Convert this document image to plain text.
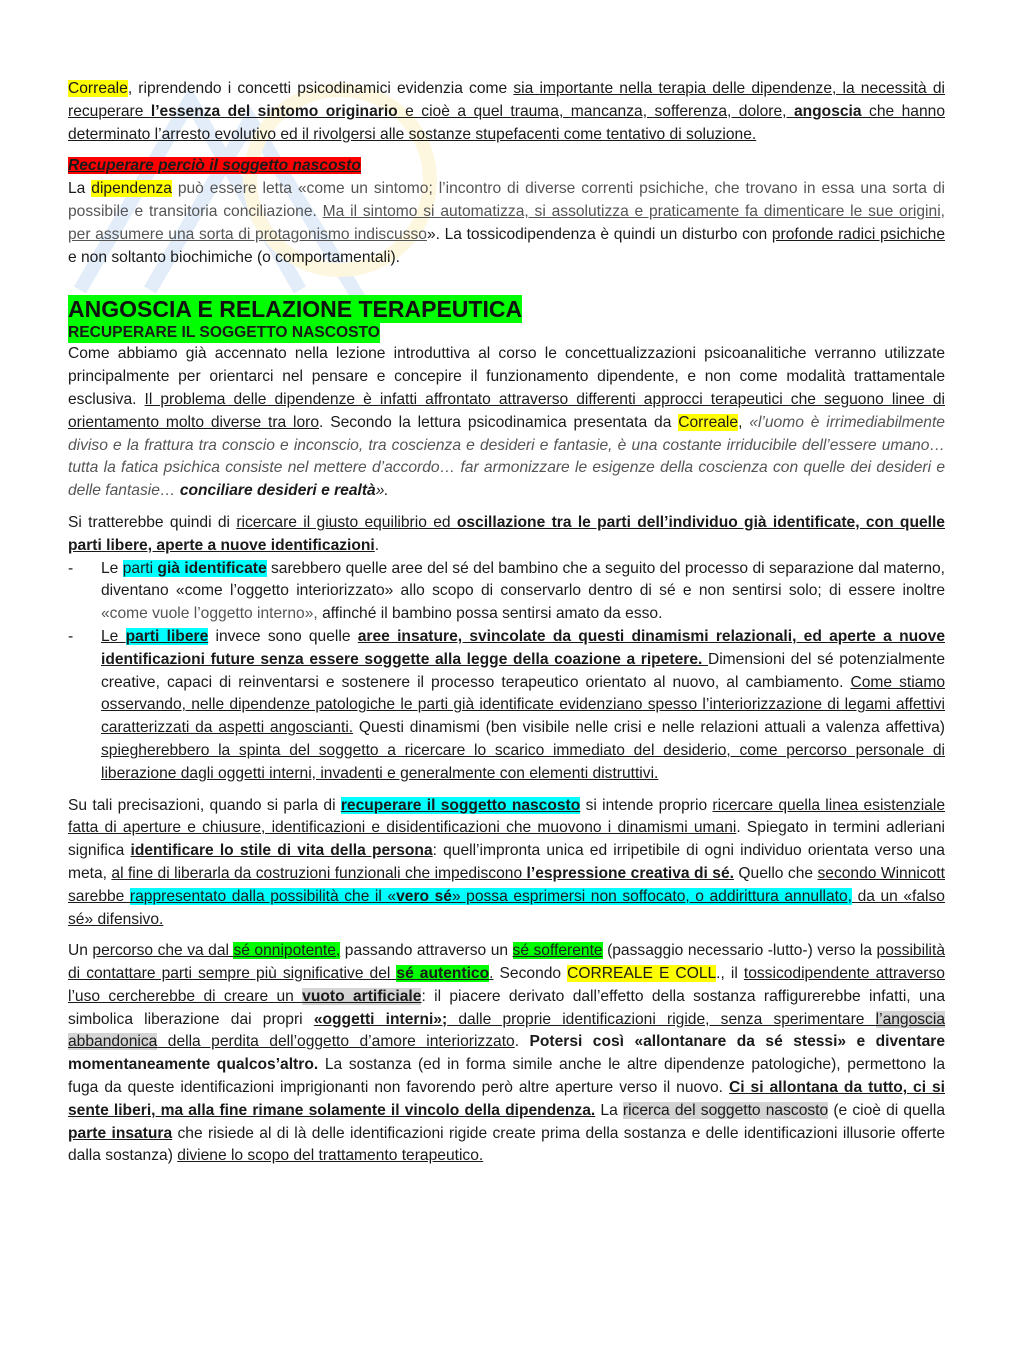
Correale, riprendendo i concetti psicodinamici evidenzia come sia importante nella terapia delle dipendenze, la necessità di recuperare l’essenza del sintomo originario e cioè a quel trauma, mancanza, sofferenza, dolore, angoscia che hanno determinato l’arresto evolutivo ed il rivolgersi alle sostanze stupefacenti come tentativo di soluzione.

Recuperare perciò il soggetto nascosto
La dipendenza può essere letta «come un sintomo; l’incontro di diverse correnti psichiche, che trovano in essa una sorta di possibile e transitoria conciliazione. Ma il sintomo si automatizza, si assolutizza e praticamente fa dimenticare le sue origini, per assumere una sorta di protagonismo indiscusso». La tossicodipendenza è quindi un disturbo con profonde radici psichiche e non soltanto biochimiche (o comportamentali).

ANGOSCIA E RELAZIONE TERAPEUTICA
RECUPERARE IL SOGGETTO NASCOSTO

Come abbiamo già accennato nella lezione introduttiva al corso le concettualizzazioni psicoanalitiche verranno utilizzate principalmente per orientarci nel pensare e concepire il funzionamento dipendente, e non come modalità trattamentale esclusiva. Il problema delle dipendenze è infatti affrontato attraverso differenti approcci terapeutici che seguono linee di orientamento molto diverse tra loro. Secondo la lettura psicodinamica presentata da Correale, «l’uomo è irrimediabilmente diviso e la frattura tra conscio e inconscio, tra coscienza e desideri e fantasie, è una costante irriducibile dell’essere umano… tutta la fatica psichica consiste nel mettere d’accordo… far armonizzare le esigenze della coscienza con quelle dei desideri e delle fantasie… conciliare desideri e realtà».

Si tratterebbe quindi di ricercare il giusto equilibrio ed oscillazione tra le parti dell’individuo già identificate, con quelle parti libere, aperte a nuove identificazioni.

- Le parti già identificate sarebbero quelle aree del sé del bambino che a seguito del processo di separazione dal materno, diventano «come l’oggetto interiorizzato» allo scopo di conservarlo dentro di sé e non sentirsi solo; di essere inoltre «come vuole l’oggetto interno», affinché il bambino possa sentirsi amato da esso.

- Le parti libere invece sono quelle aree insature, svincolate da questi dinamismi relazionali, ed aperte a nuove identificazioni future senza essere soggette alla legge della coazione a ripetere. Dimensioni del sé potenzialmente creative, capaci di reinventarsi e sostenere il processo terapeutico orientato al nuovo, al cambiamento. Come stiamo osservando, nelle dipendenze patologiche le parti già identificate evidenziano spesso l’interiorizzazione di legami affettivi caratterizzati da aspetti angoscianti. Questi dinamismi (ben visibile nelle crisi e nelle relazioni attuali a valenza affettiva) spiegherebbero la spinta del soggetto a ricercare lo scarico immediato del desiderio, come percorso personale di liberazione dagli oggetti interni, invadenti e generalmente con elementi distruttivi.

Su tali precisazioni, quando si parla di recuperare il soggetto nascosto si intende proprio ricercare quella linea esistenziale fatta di aperture e chiusure, identificazioni e disidentificazioni che muovono i dinamismi umani. Spiegato in termini adleriani significa identificare lo stile di vita della persona: quell’impronta unica ed irripetibile di ogni individuo orientata verso una meta, al fine di liberarla da costruzioni funzionali che impediscono l’espressione creativa di sé. Quello che secondo Winnicott sarebbe rappresentato dalla possibilità che il «vero sé» possa esprimersi non soffocato, o addirittura annullato, da un «falso sé» difensivo.

Un percorso che va dal sé onnipotente, passando attraverso un sé sofferente (passaggio necessario -lutto-) verso la possibilità di contattare parti sempre più significative del sé autentico. Secondo CORREALE E COLL., il tossicodipendente attraverso l’uso cercherebbe di creare un vuoto artificiale: il piacere derivato dall’effetto della sostanza raffigurerebbe infatti, una simbolica liberazione dai propri «oggetti interni»; dalle proprie identificazioni rigide, senza sperimentare l’angoscia abbandonica della perdita dell’oggetto d’amore interiorizzato. Potersi così «allontanare da sé stessi» e diventare momentaneamente qualcos’altro. La sostanza (ed in forma simile anche le altre dipendenze patologiche), permettono la fuga da queste identificazioni imprigionanti non favorendo però altre aperture verso il nuovo. Ci si allontana da tutto, ci si sente liberi, ma alla fine rimane solamente il vincolo della dipendenza. La ricerca del soggetto nascosto (e cioè di quella parte insatura che risiede al di là delle identificazioni rigide create prima della sostanza e delle identificazioni illusorie offerte dalla sostanza) diviene lo scopo del trattamento terapeutico.
